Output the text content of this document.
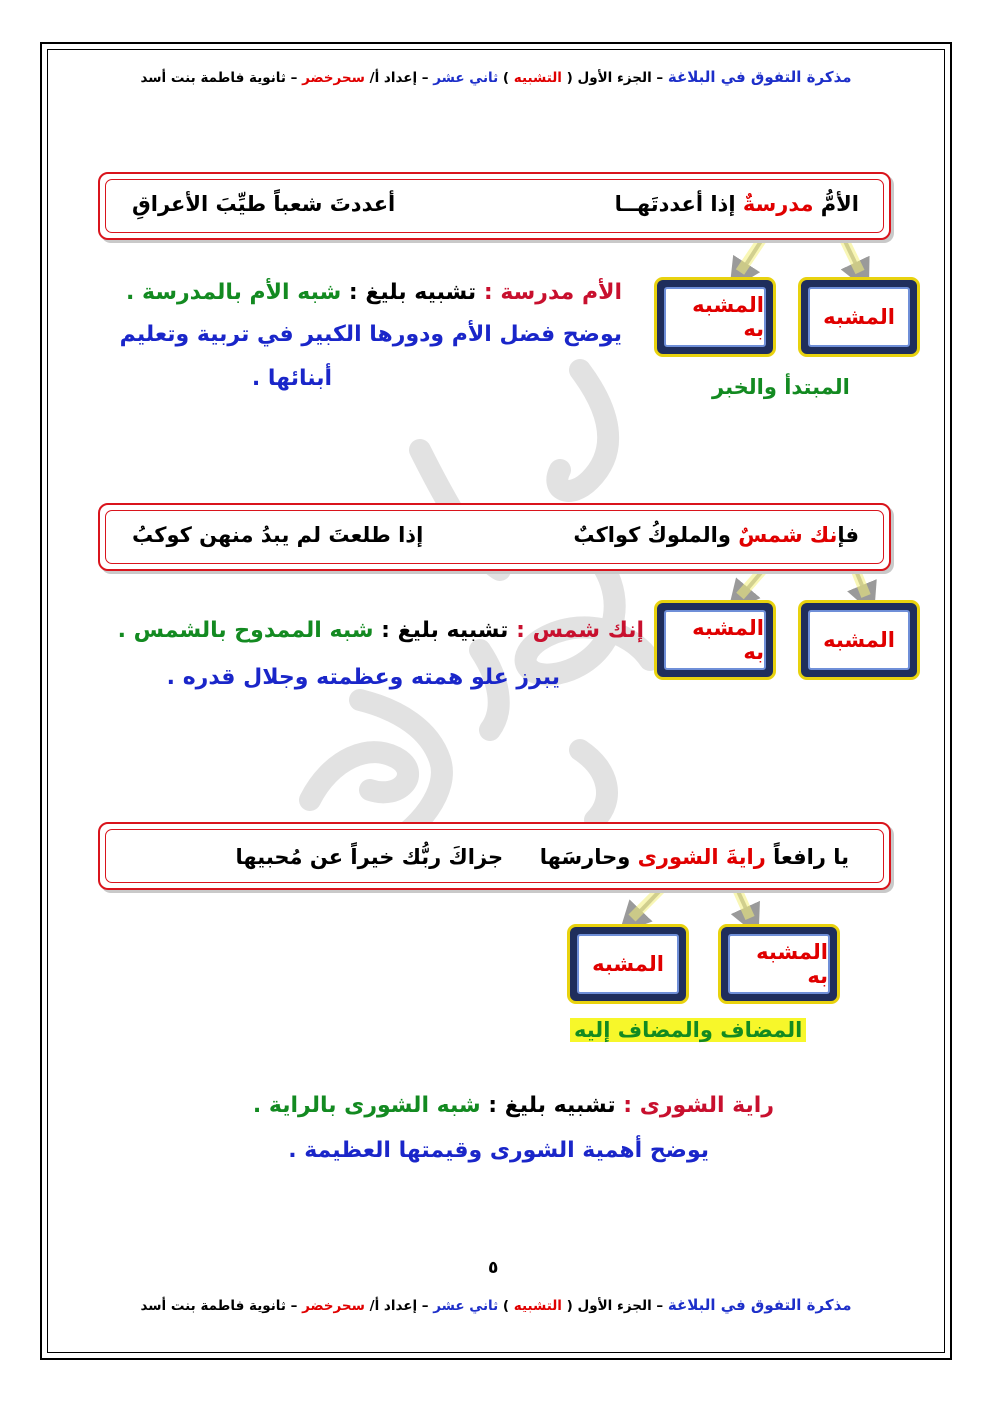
مذكرة التفوق في البلاغة – الجزء الأول ( التشبيه ) ثاني عشر – إعداد أ/ سحرخضر – ثانوية فاطمة بنت أسد
الأمُّ مدرسةٌ إذا أعددتَهــا
أعددتَ شعباً طيِّبَ الأعراقِ
المشبه
المشبه به
المبتدأ والخبر
الأم مدرسة : تشبيه بليغ : شبه الأم بالمدرسة .
يوضح فضل الأم ودورها الكبير في تربية وتعليم
أبنائها .
فإنك شمسٌ والملوكُ كواكبٌ
إذا طلعتَ لم يبدُ منهن كوكبُ
المشبه
المشبه به
إنك شمس : تشبيه بليغ : شبه الممدوح بالشمس .
يبرز علو همته وعظمته وجلال قدره .
يا رافعاً رايةَ الشورى وحارسَها     جزاكَ ربُّك خيراً عن مُحبيها
المشبه به
المشبه
المضاف والمضاف إليه
راية الشورى : تشبيه بليغ : شبه الشورى بالراية .
يوضح أهمية الشورى وقيمتها العظيمة .
٥
مذكرة التفوق في البلاغة – الجزء الأول ( التشبيه ) ثاني عشر – إعداد أ/ سحرخضر – ثانوية فاطمة بنت أسد
